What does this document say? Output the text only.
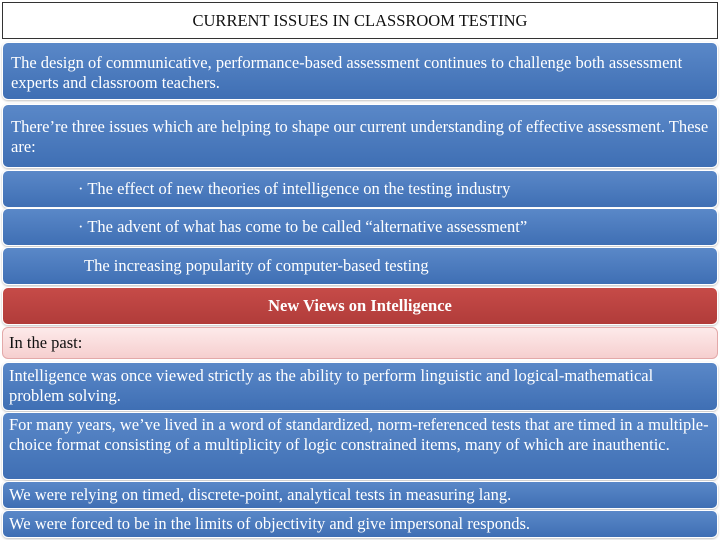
CURRENT ISSUES IN CLASSROOM TESTING
The design of communicative, performance-based assessment continues to challenge both assessment experts and classroom teachers.
There’re three issues which are helping to shape our current understanding of effective assessment. These are:
· The effect of new theories of intelligence on the testing industry
· The advent of what has come to be called “alternative assessment”
The increasing popularity of computer-based testing
New Views on Intelligence
In the past:
Intelligence was once viewed strictly as the ability to perform linguistic and logical-mathematical problem solving.
For many years, we’ve lived in a word of standardized, norm-referenced tests that are timed in a multiple-choice format consisting of a multiplicity of logic constrained items, many of which are inauthentic.
We were relying on timed, discrete-point, analytical tests in measuring lang.
We were forced to be in the limits of objectivity and give impersonal responds.
